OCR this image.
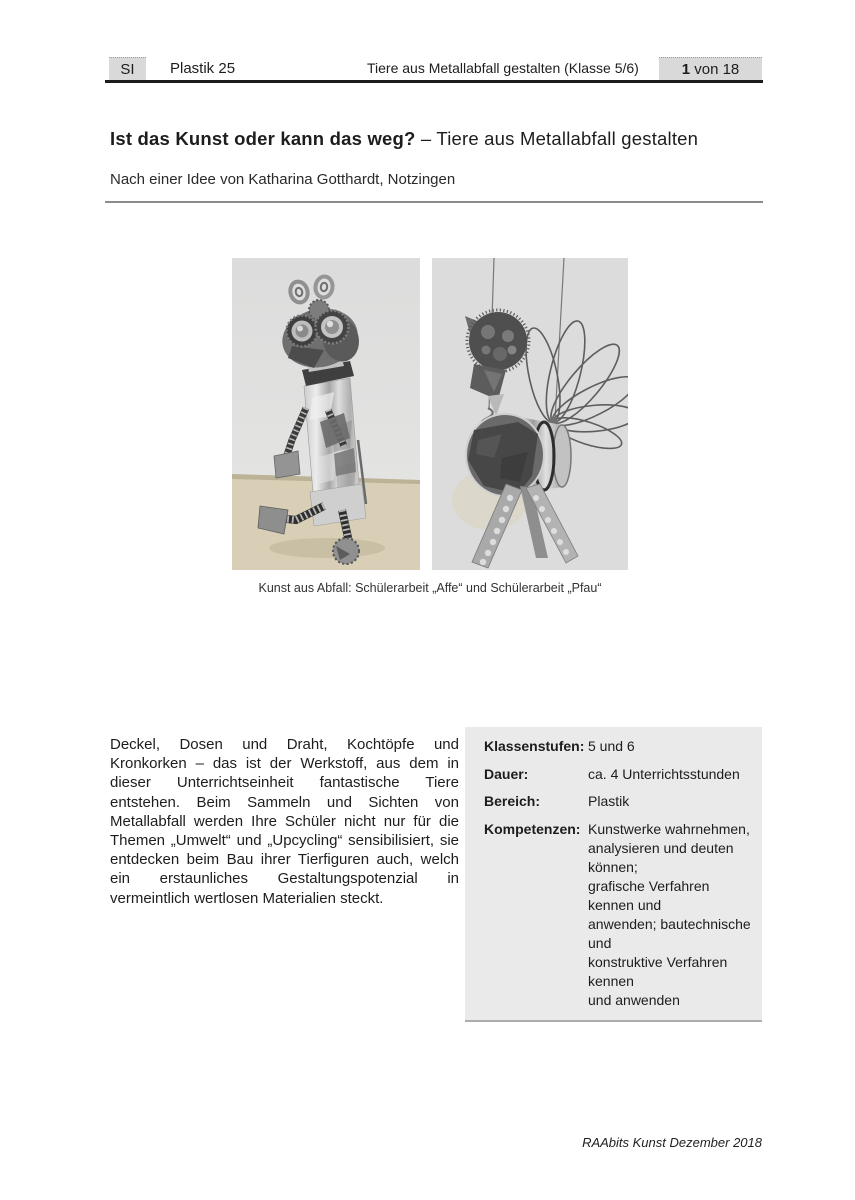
SI	Plastik 25	Tiere aus Metallabfall gestalten (Klasse 5/6)	1 von 18
Ist das Kunst oder kann das weg? – Tiere aus Metallabfall gestalten
Nach einer Idee von Katharina Gotthardt, Notzingen
Kunst aus Abfall: Schülerarbeit „Affe“ und Schülerarbeit „Pfau“
Deckel, Dosen und Draht, Kochtöpfe und Kronkorken – das ist der Werkstoff, aus dem in dieser Unterrichtseinheit fantastische Tiere entstehen. Beim Sammeln und Sichten von Metallabfall werden Ihre Schüler nicht nur für die Themen „Umwelt“ und „Upcycling“ sensibilisiert, sie entdecken beim Bau ihrer Tierfiguren auch, welch ein erstaunliches Gestaltungspotenzial in vermeintlich wertlosen Materialien steckt.
Klassenstufen: 5 und 6
Dauer:	ca. 4 Unterrichtsstunden
Bereich:	Plastik
Kompetenzen: Kunstwerke wahrnehmen,
analysieren und deuten können;
grafische Verfahren kennen und
anwenden; bautechnische und
konstruktive Verfahren kennen
und anwenden
RAAbits Kunst Dezember 2018
